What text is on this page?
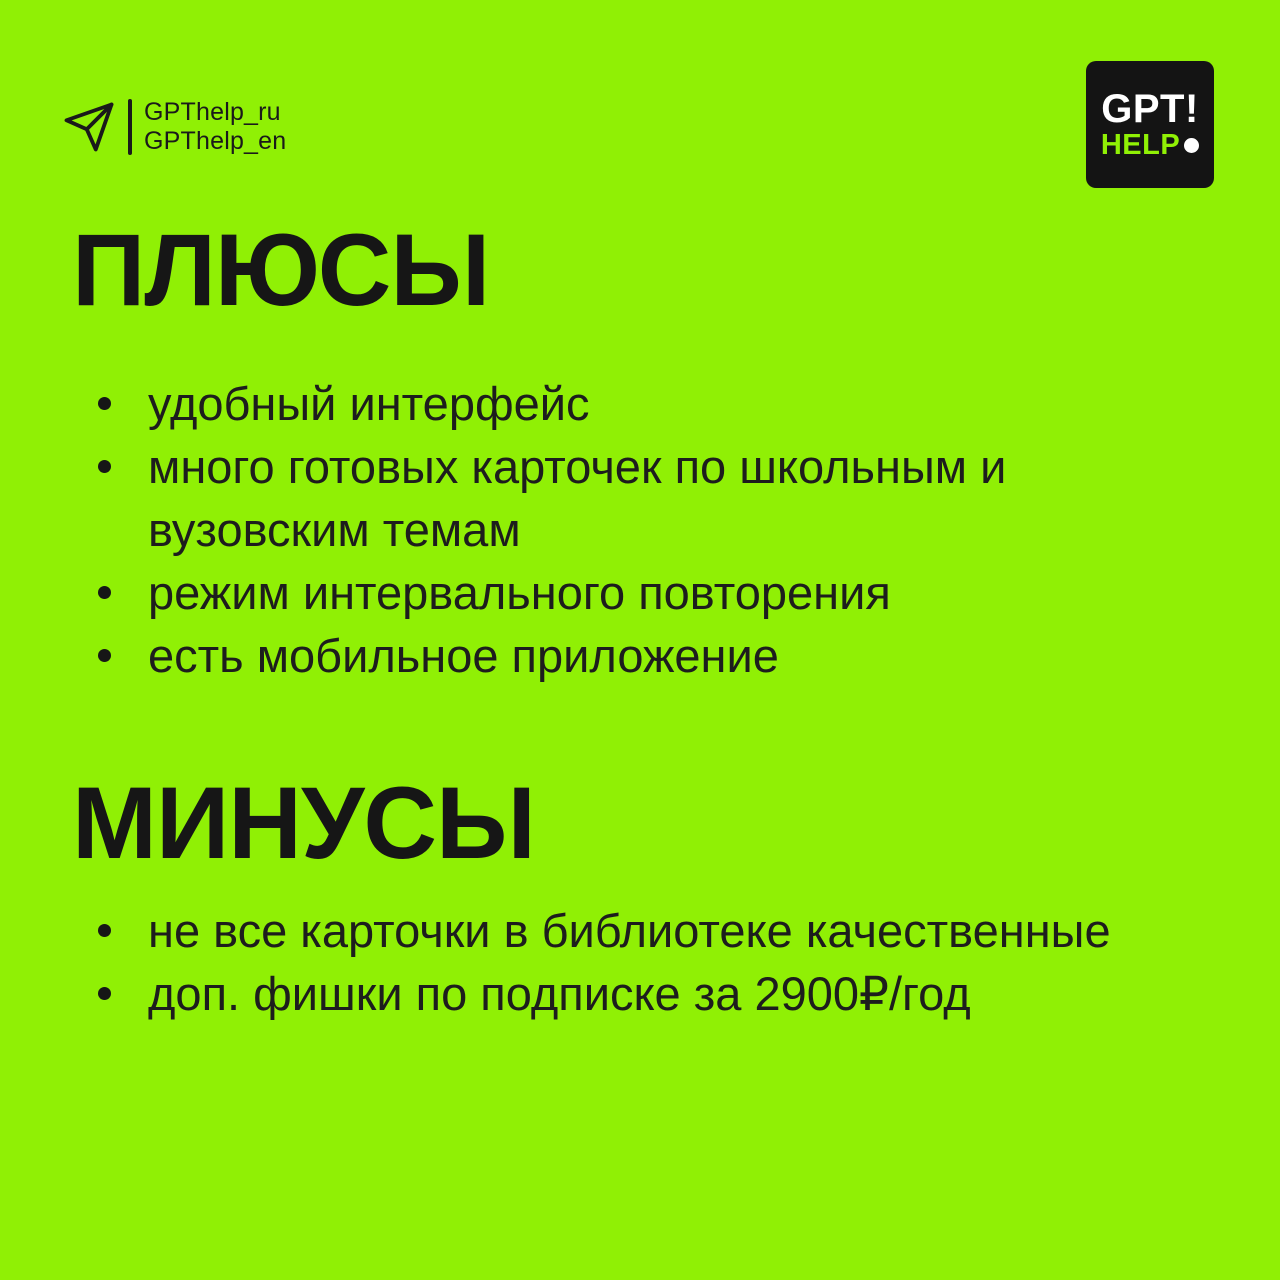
GPThelp_ru
GPThelp_en
GPT!
HELP
ПЛЮСЫ
удобный интерфейс
много готовых карточек по школьным и вузовским темам
режим интервального повторения
есть мобильное приложение
МИНУСЫ
не все карточки в библиотеке качественные
доп. фишки по подписке за 2900₽/год
